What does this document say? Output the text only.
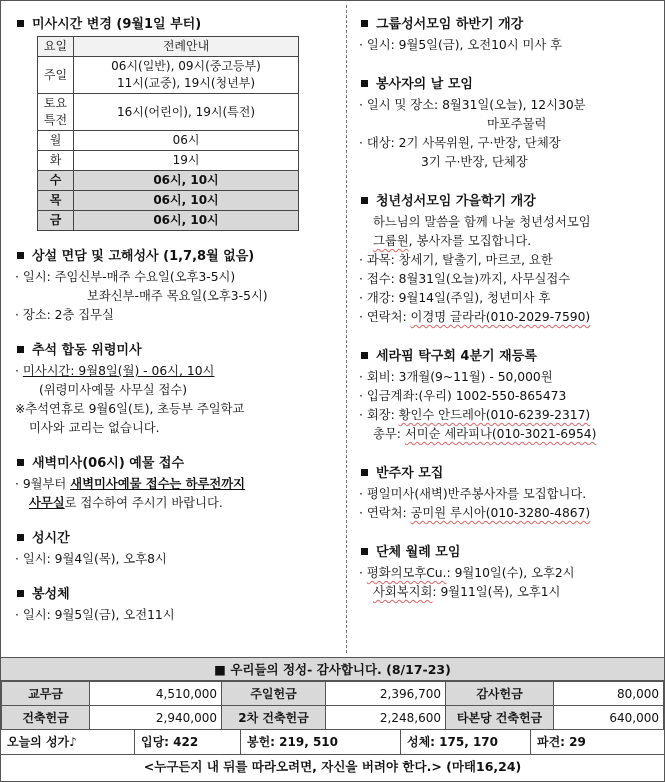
미사시간 변경 (9월1일 부터)
요일	전례안내
주일	06시(일반), 09시(중고등부)
11시(교중), 19시(청년부)
토요
특전	16시(어린이), 19시(특전)
월	06시
화	19시
수	06시, 10시
목	06시, 10시
금	06시, 10시
상설 면담 및 고해성사 (1,7,8월 없음)
· 일시: 주임신부-매주 수요일(오후3-5시)
보좌신부-매주 목요일(오후3-5시)
· 장소: 2층 집무실
추석 합동 위령미사
· 미사시간: 9월8일(월) - 06시, 10시
(위령미사예물 사무실 접수)
※추석연휴로 9월6일(토), 초등부 주일학교
미사와 교리는 없습니다.
새벽미사(06시) 예물 접수
· 9월부터 새벽미사예물 접수는 하루전까지
사무실로 접수하여 주시기 바랍니다.
성시간
· 일시: 9월4일(목), 오후8시
봉성체
· 일시: 9월5일(금), 오전11시
그룹성서모임 하반기 개강
· 일시: 9월5일(금), 오전10시 미사 후
봉사자의 날 모임
· 일시 및 장소: 8월31일(오늘), 12시30분
마포주물럭
· 대상: 2기 사목위원, 구·반장, 단체장
3기 구·반장, 단체장
청년성서모임 가을학기 개강
하느님의 말씀을 함께 나눌 청년성서모임
그룹원, 봉사자를 모집합니다.
· 과목: 창세기, 탈출기, 마르코, 요한
· 접수: 8월31일(오늘)까지, 사무실접수
· 개강: 9월14일(주일), 청년미사 후
· 연락처: 이경명 글라라(010-2029-7590)
세라핌 탁구회 4분기 재등록
· 회비: 3개월(9~11월) - 50,000원
· 입금계좌:(우리) 1002-550-865473
· 회장: 황인수 안드레아(010-6239-2317)
총무: 서미순 세라피나(010-3021-6954)
반주자 모집
· 평일미사(새벽)반주봉사자를 모집합니다.
· 연락처: 공미원 루시아(010-3280-4867)
단체 월례 모임
· 평화의모후Cu.: 9월10일(수), 오후2시
사회복지회: 9월11일(목), 오후1시
■ 우리들의 정성- 감사합니다. (8/17-23)
교무금	4,510,000	주일헌금	2,396,700	감사헌금	80,000
건축헌금	2,940,000	2차 건축헌금	2,248,600	타본당 건축헌금	640,000
오늘의 성가♪	입당: 422	봉헌: 219, 510	성체: 175, 170	파견: 29
<누구든지 내 뒤를 따라오려면, 자신을 버려야 한다.> (마태16,24)
